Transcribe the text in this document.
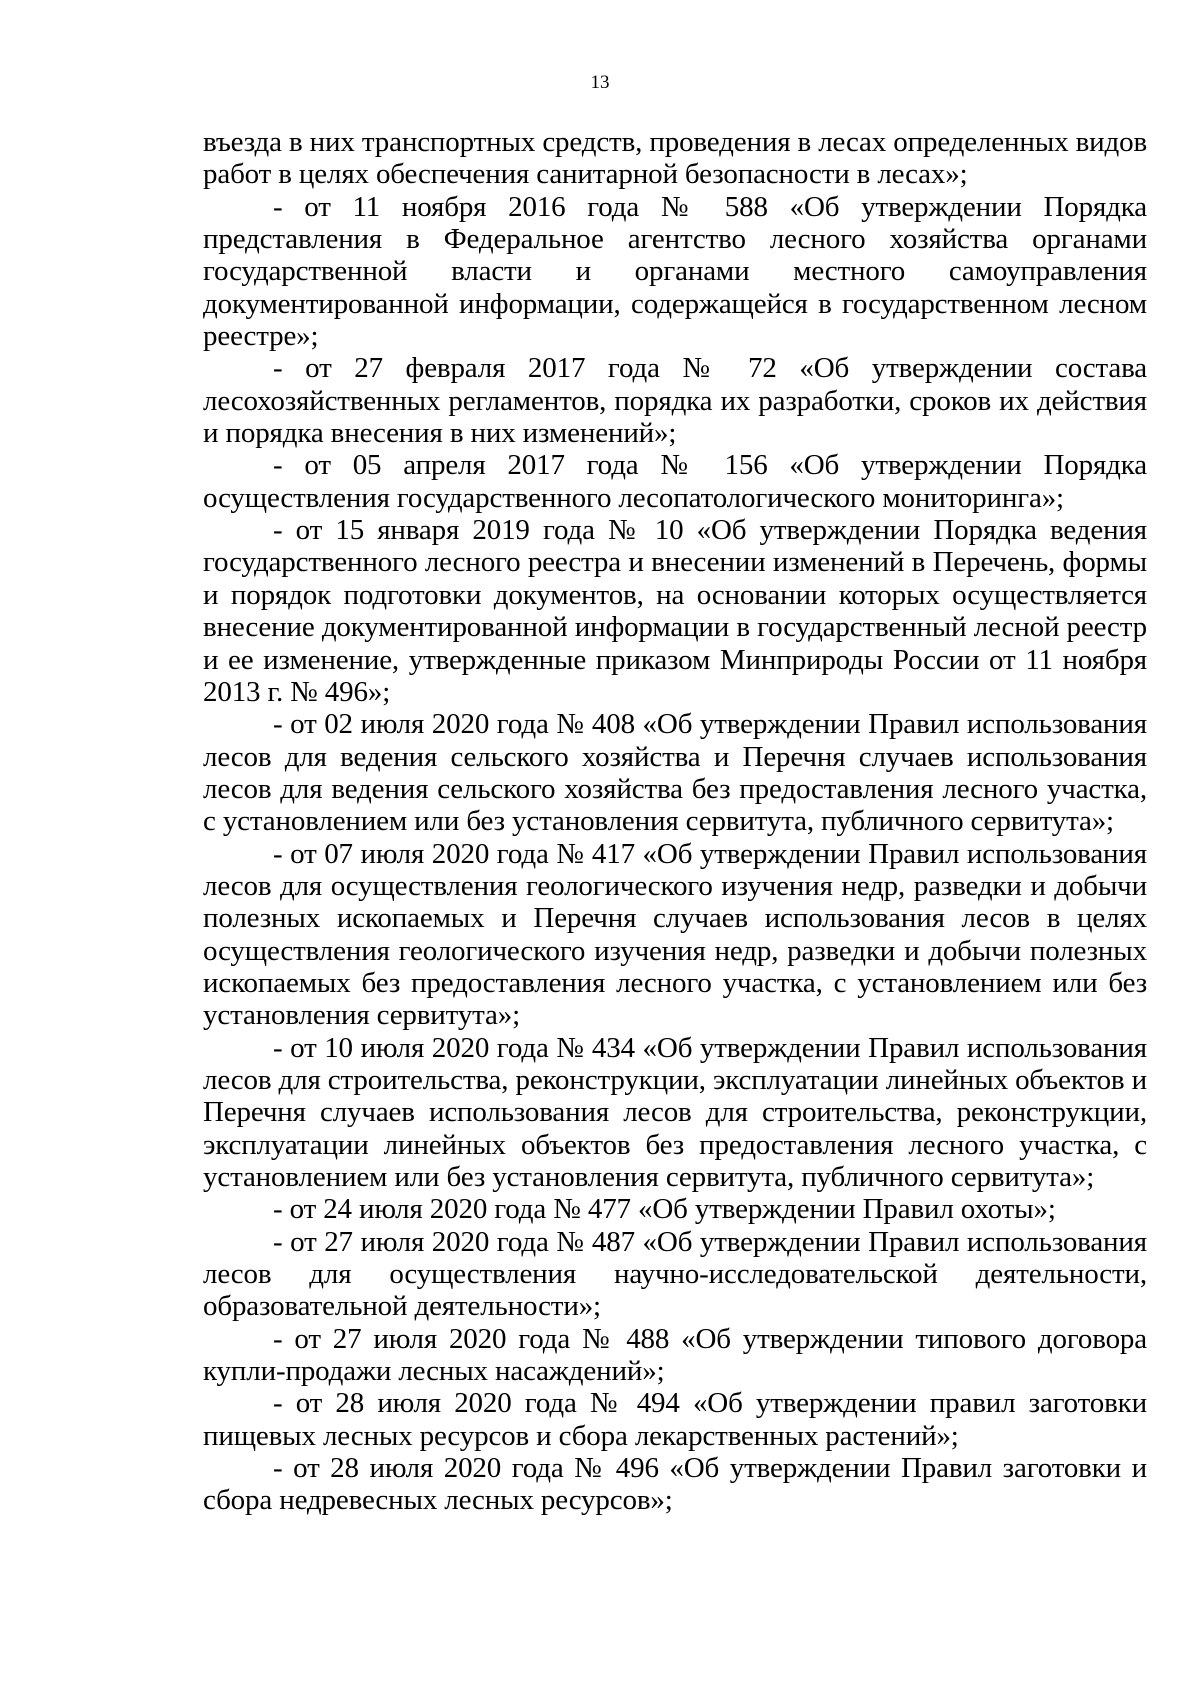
13

въезда в них транспортных средств, проведения в лесах определенных видов работ в целях обеспечения санитарной безопасности в лесах»;

- от 11 ноября 2016 года № 588 «Об утверждении Порядка представления в Федеральное агентство лесного хозяйства органами государственной власти и органами местного самоуправления документированной информации, содержащейся в государственном лесном реестре»;

- от 27 февраля 2017 года № 72 «Об утверждении состава лесохозяйственных регламентов, порядка их разработки, сроков их действия и порядка внесения в них изменений»;

- от 05 апреля 2017 года № 156 «Об утверждении Порядка осуществления государственного лесопатологического мониторинга»;

- от 15 января 2019 года № 10 «Об утверждении Порядка ведения государственного лесного реестра и внесении изменений в Перечень, формы и порядок подготовки документов, на основании которых осуществляется внесение документированной информации в государственный лесной реестр и ее изменение, утвержденные приказом Минприроды России от 11 ноября 2013 г. № 496»;

- от 02 июля 2020 года № 408 «Об утверждении Правил использования лесов для ведения сельского хозяйства и Перечня случаев использования лесов для ведения сельского хозяйства без предоставления лесного участка, с установлением или без установления сервитута, публичного сервитута»;

- от 07 июля 2020 года № 417 «Об утверждении Правил использования лесов для осуществления геологического изучения недр, разведки и добычи полезных ископаемых и Перечня случаев использования лесов в целях осуществления геологического изучения недр, разведки и добычи полезных ископаемых без предоставления лесного участка, с установлением или без установления сервитута»;

- от 10 июля 2020 года № 434 «Об утверждении Правил использования лесов для строительства, реконструкции, эксплуатации линейных объектов и Перечня случаев использования лесов для строительства, реконструкции, эксплуатации линейных объектов без предоставления лесного участка, с установлением или без установления сервитута, публичного сервитута»;

- от 24 июля 2020 года № 477 «Об утверждении Правил охоты»;

- от 27 июля 2020 года № 487 «Об утверждении Правил использования лесов для осуществления научно-исследовательской деятельности, образовательной деятельности»;

- от 27 июля 2020 года № 488 «Об утверждении типового договора купли-продажи лесных насаждений»;

- от 28 июля 2020 года № 494 «Об утверждении правил заготовки пищевых лесных ресурсов и сбора лекарственных растений»;

- от 28 июля 2020 года № 496 «Об утверждении Правил заготовки и сбора недревесных лесных ресурсов»;
